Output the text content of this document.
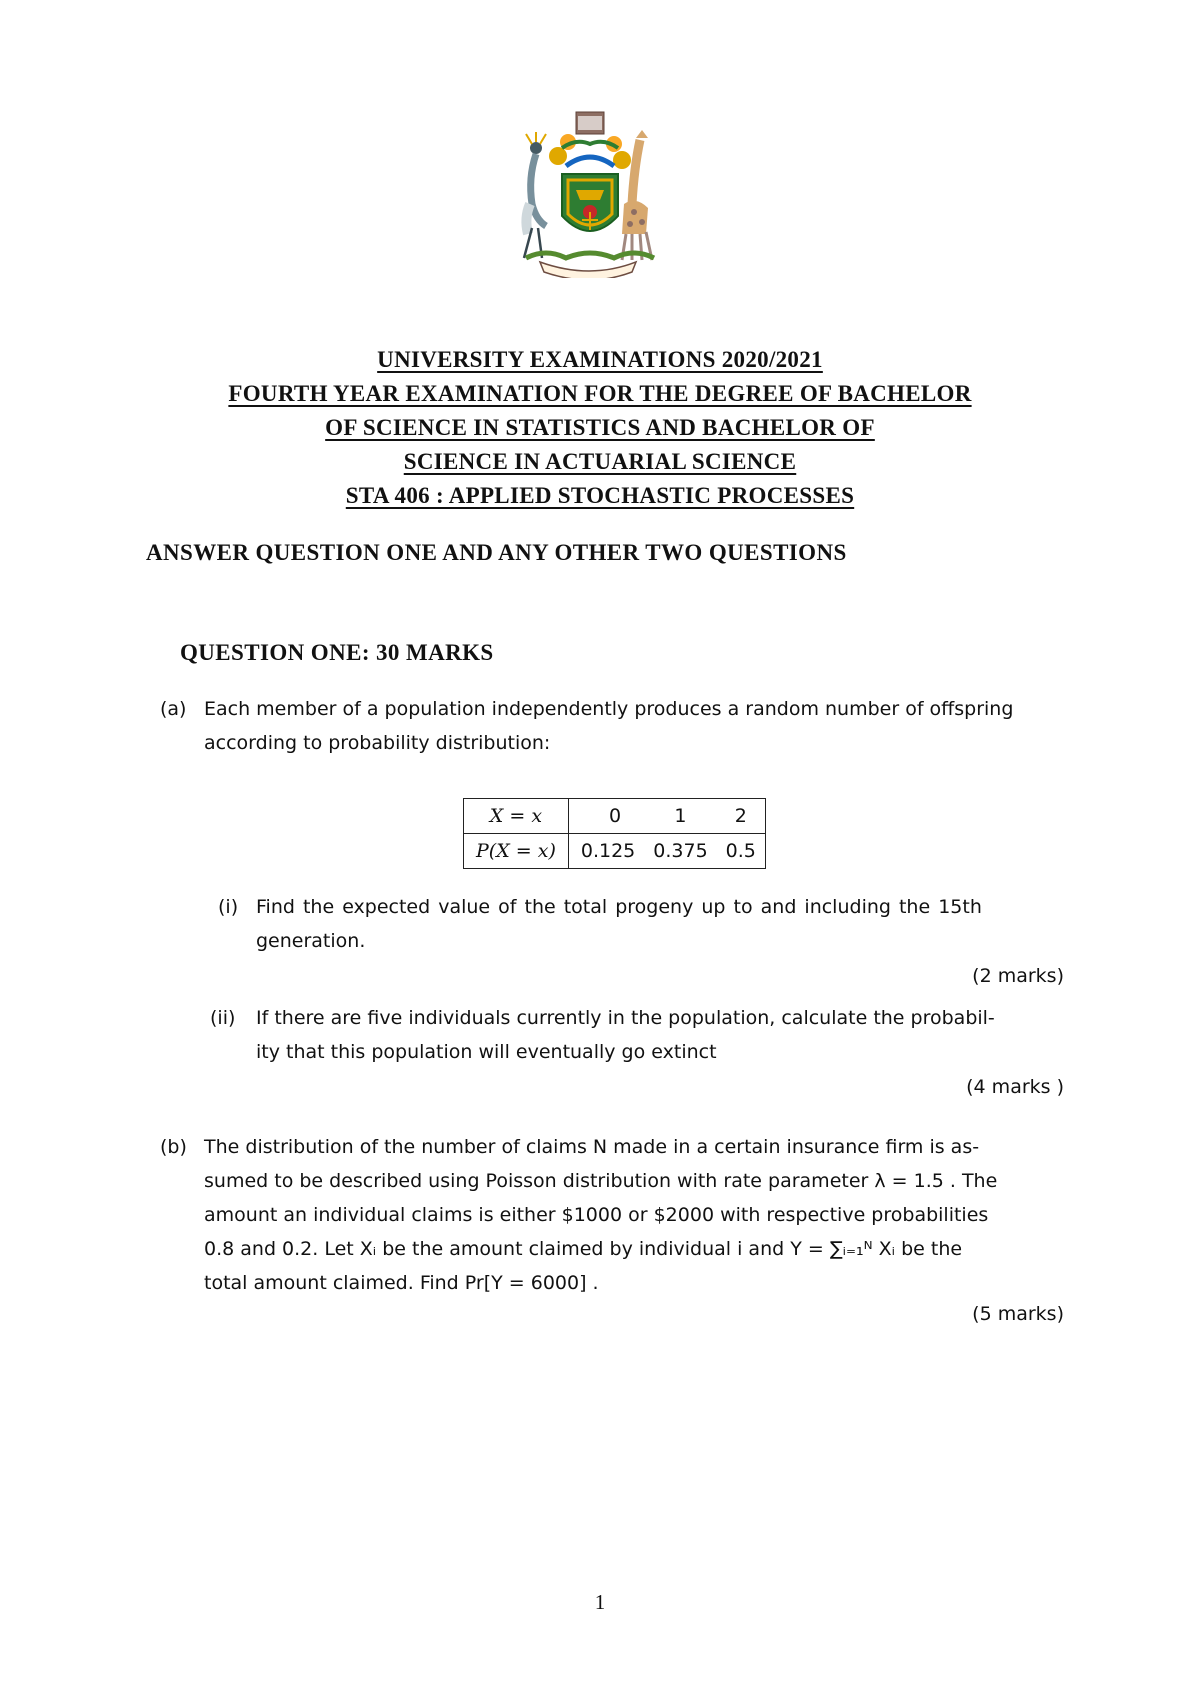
UNIVERSITY EXAMINATIONS 2020/2021
FOURTH YEAR EXAMINATION FOR THE DEGREE OF BACHELOR
OF SCIENCE IN STATISTICS AND BACHELOR OF
SCIENCE IN ACTUARIAL SCIENCE
STA 406 : APPLIED STOCHASTIC PROCESSES
ANSWER QUESTION ONE AND ANY OTHER TWO QUESTIONS
QUESTION ONE: 30 MARKS
(a) Each member of a population independently produces a random number of offspring
according to probability distribution:
X = x	0	1	2
P(X = x)	0.125	0.375	0.5
(i) Find the expected value of the total progeny up to and including the 15th
generation.
(2 marks)
(ii) If there are five individuals currently in the population, calculate the probabil-
ity that this population will eventually go extinct
(4 marks )
(b) The distribution of the number of claims N made in a certain insurance firm is as-
sumed to be described using Poisson distribution with rate parameter λ = 1.5 . The
amount an individual claims is either $1000 or $2000 with respective probabilities
0.8 and 0.2. Let Xᵢ be the amount claimed by individual i and Y = ∑ᵢ₌₁ᴺ Xᵢ be the
total amount claimed. Find Pr[Y = 6000] .
(5 marks)
1
